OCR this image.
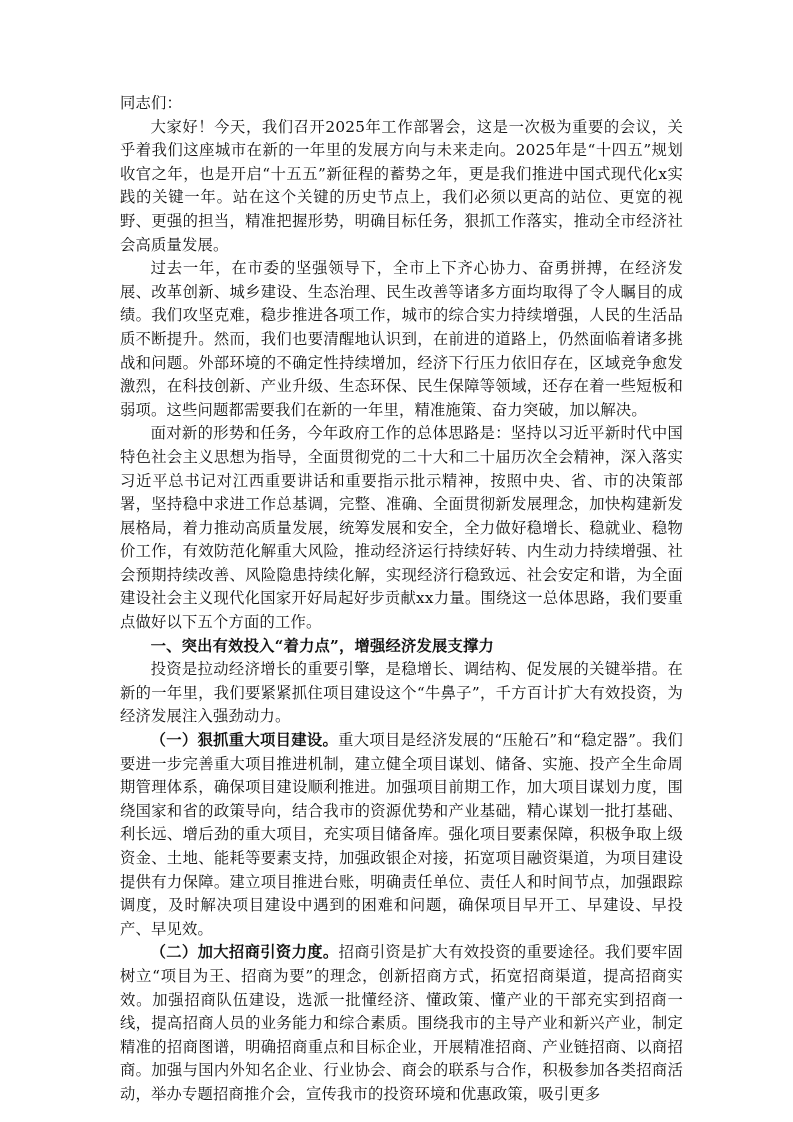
同志们：

大家好！今天，我们召开2025年工作部署会，这是一次极为重要的会议，关乎着我们这座城市在新的一年里的发展方向与未来走向。2025年是“十四五”规划收官之年，也是开启“十五五”新征程的蓄势之年，更是我们推进中国式现代化x实践的关键一年。站在这个关键的历史节点上，我们必须以更高的站位、更宽的视野、更强的担当，精准把握形势，明确目标任务，狠抓工作落实，推动全市经济社会高质量发展。

过去一年，在市委的坚强领导下，全市上下齐心协力、奋勇拼搏，在经济发展、改革创新、城乡建设、生态治理、民生改善等诸多方面均取得了令人瞩目的成绩。我们攻坚克难，稳步推进各项工作，城市的综合实力持续增强，人民的生活品质不断提升。然而，我们也要清醒地认识到，在前进的道路上，仍然面临着诸多挑战和问题。外部环境的不确定性持续增加，经济下行压力依旧存在，区域竞争愈发激烈，在科技创新、产业升级、生态环保、民生保障等领域，还存在着一些短板和弱项。这些问题都需要我们在新的一年里，精准施策、奋力突破，加以解决。

面对新的形势和任务，今年政府工作的总体思路是：坚持以习近平新时代中国特色社会主义思想为指导，全面贯彻党的二十大和二十届历次全会精神，深入落实习近平总书记对江西重要讲话和重要指示批示精神，按照中央、省、市的决策部署，坚持稳中求进工作总基调，完整、准确、全面贯彻新发展理念，加快构建新发展格局，着力推动高质量发展，统筹发展和安全，全力做好稳增长、稳就业、稳物价工作，有效防范化解重大风险，推动经济运行持续好转、内生动力持续增强、社会预期持续改善、风险隐患持续化解，实现经济行稳致远、社会安定和谐，为全面建设社会主义现代化国家开好局起好步贡献xx力量。围绕这一总体思路，我们要重点做好以下五个方面的工作。

一、突出有效投入“着力点”，增强经济发展支撑力

投资是拉动经济增长的重要引擎，是稳增长、调结构、促发展的关键举措。在新的一年里，我们要紧紧抓住项目建设这个“牛鼻子”，千方百计扩大有效投资，为经济发展注入强劲动力。

（一）狠抓重大项目建设。重大项目是经济发展的“压舱石”和“稳定器”。我们要进一步完善重大项目推进机制，建立健全项目谋划、储备、实施、投产全生命周期管理体系，确保项目建设顺利推进。加强项目前期工作，加大项目谋划力度，围绕国家和省的政策导向，结合我市的资源优势和产业基础，精心谋划一批打基础、利长远、增后劲的重大项目，充实项目储备库。强化项目要素保障，积极争取上级资金、土地、能耗等要素支持，加强政银企对接，拓宽项目融资渠道，为项目建设提供有力保障。建立项目推进台账，明确责任单位、责任人和时间节点，加强跟踪调度，及时解决项目建设中遇到的困难和问题，确保项目早开工、早建设、早投产、早见效。

（二）加大招商引资力度。招商引资是扩大有效投资的重要途径。我们要牢固树立“项目为王、招商为要”的理念，创新招商方式，拓宽招商渠道，提高招商实效。加强招商队伍建设，选派一批懂经济、懂政策、懂产业的干部充实到招商一线，提高招商人员的业务能力和综合素质。围绕我市的主导产业和新兴产业，制定精准的招商图谱，明确招商重点和目标企业，开展精准招商、产业链招商、以商招商。加强与国内外知名企业、行业协会、商会的联系与合作，积极参加各类招商活动，举办专题招商推介会，宣传我市的投资环境和优惠政策，吸引更多
